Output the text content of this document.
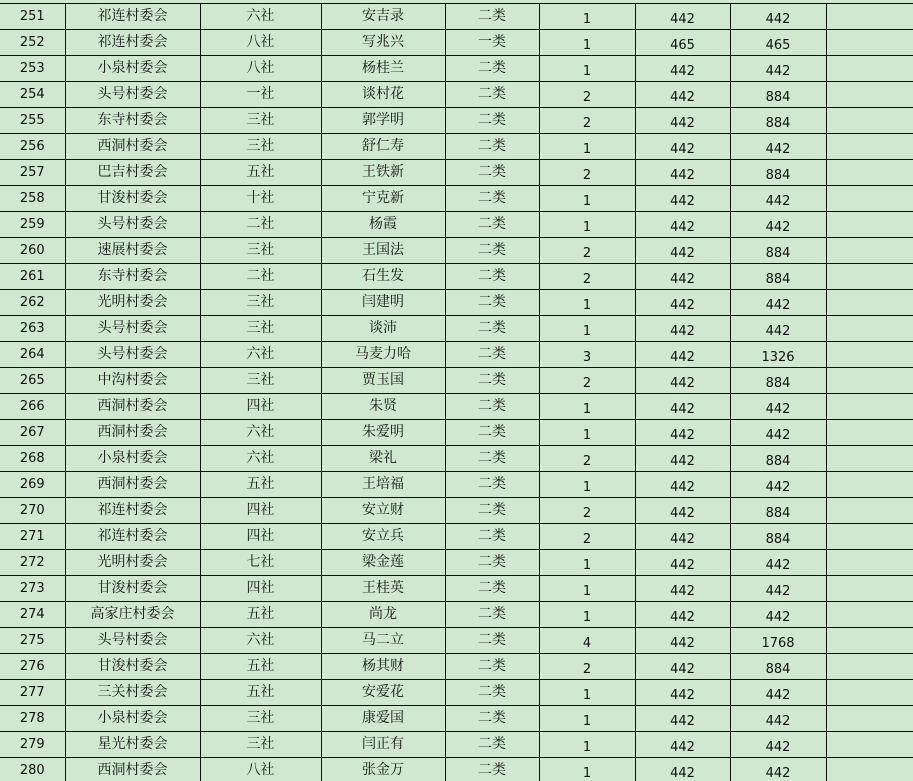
251	祁连村委会	六社	安吉录	二类	1	442	442	
252	祁连村委会	八社	写兆兴	一类	1	465	465	
253	小泉村委会	八社	杨桂兰	二类	1	442	442	
254	头号村委会	一社	谈村花	二类	2	442	884	
255	东寺村委会	三社	郭学明	二类	2	442	884	
256	西洞村委会	三社	舒仁寿	二类	1	442	442	
257	巴吉村委会	五社	王铁新	二类	2	442	884	
258	甘浚村委会	十社	宁克新	二类	1	442	442	
259	头号村委会	二社	杨霞	二类	1	442	442	
260	速展村委会	三社	王国法	二类	2	442	884	
261	东寺村委会	二社	石生发	二类	2	442	884	
262	光明村委会	三社	闫建明	二类	1	442	442	
263	头号村委会	三社	谈沛	二类	1	442	442	
264	头号村委会	六社	马麦力哈	二类	3	442	1326	
265	中沟村委会	三社	贾玉国	二类	2	442	884	
266	西洞村委会	四社	朱贤	二类	1	442	442	
267	西洞村委会	六社	朱爱明	二类	1	442	442	
268	小泉村委会	六社	梁礼	二类	2	442	884	
269	西洞村委会	五社	王培福	二类	1	442	442	
270	祁连村委会	四社	安立财	二类	2	442	884	
271	祁连村委会	四社	安立兵	二类	2	442	884	
272	光明村委会	七社	梁金莲	二类	1	442	442	
273	甘浚村委会	四社	王桂英	二类	1	442	442	
274	高家庄村委会	五社	尚龙	二类	1	442	442	
275	头号村委会	六社	马二立	二类	4	442	1768	
276	甘浚村委会	五社	杨其财	二类	2	442	884	
277	三关村委会	五社	安爱花	二类	1	442	442	
278	小泉村委会	三社	康爱国	二类	1	442	442	
279	星光村委会	三社	闫正有	二类	1	442	442	
280	西洞村委会	八社	张金万	二类	1	442	442	
